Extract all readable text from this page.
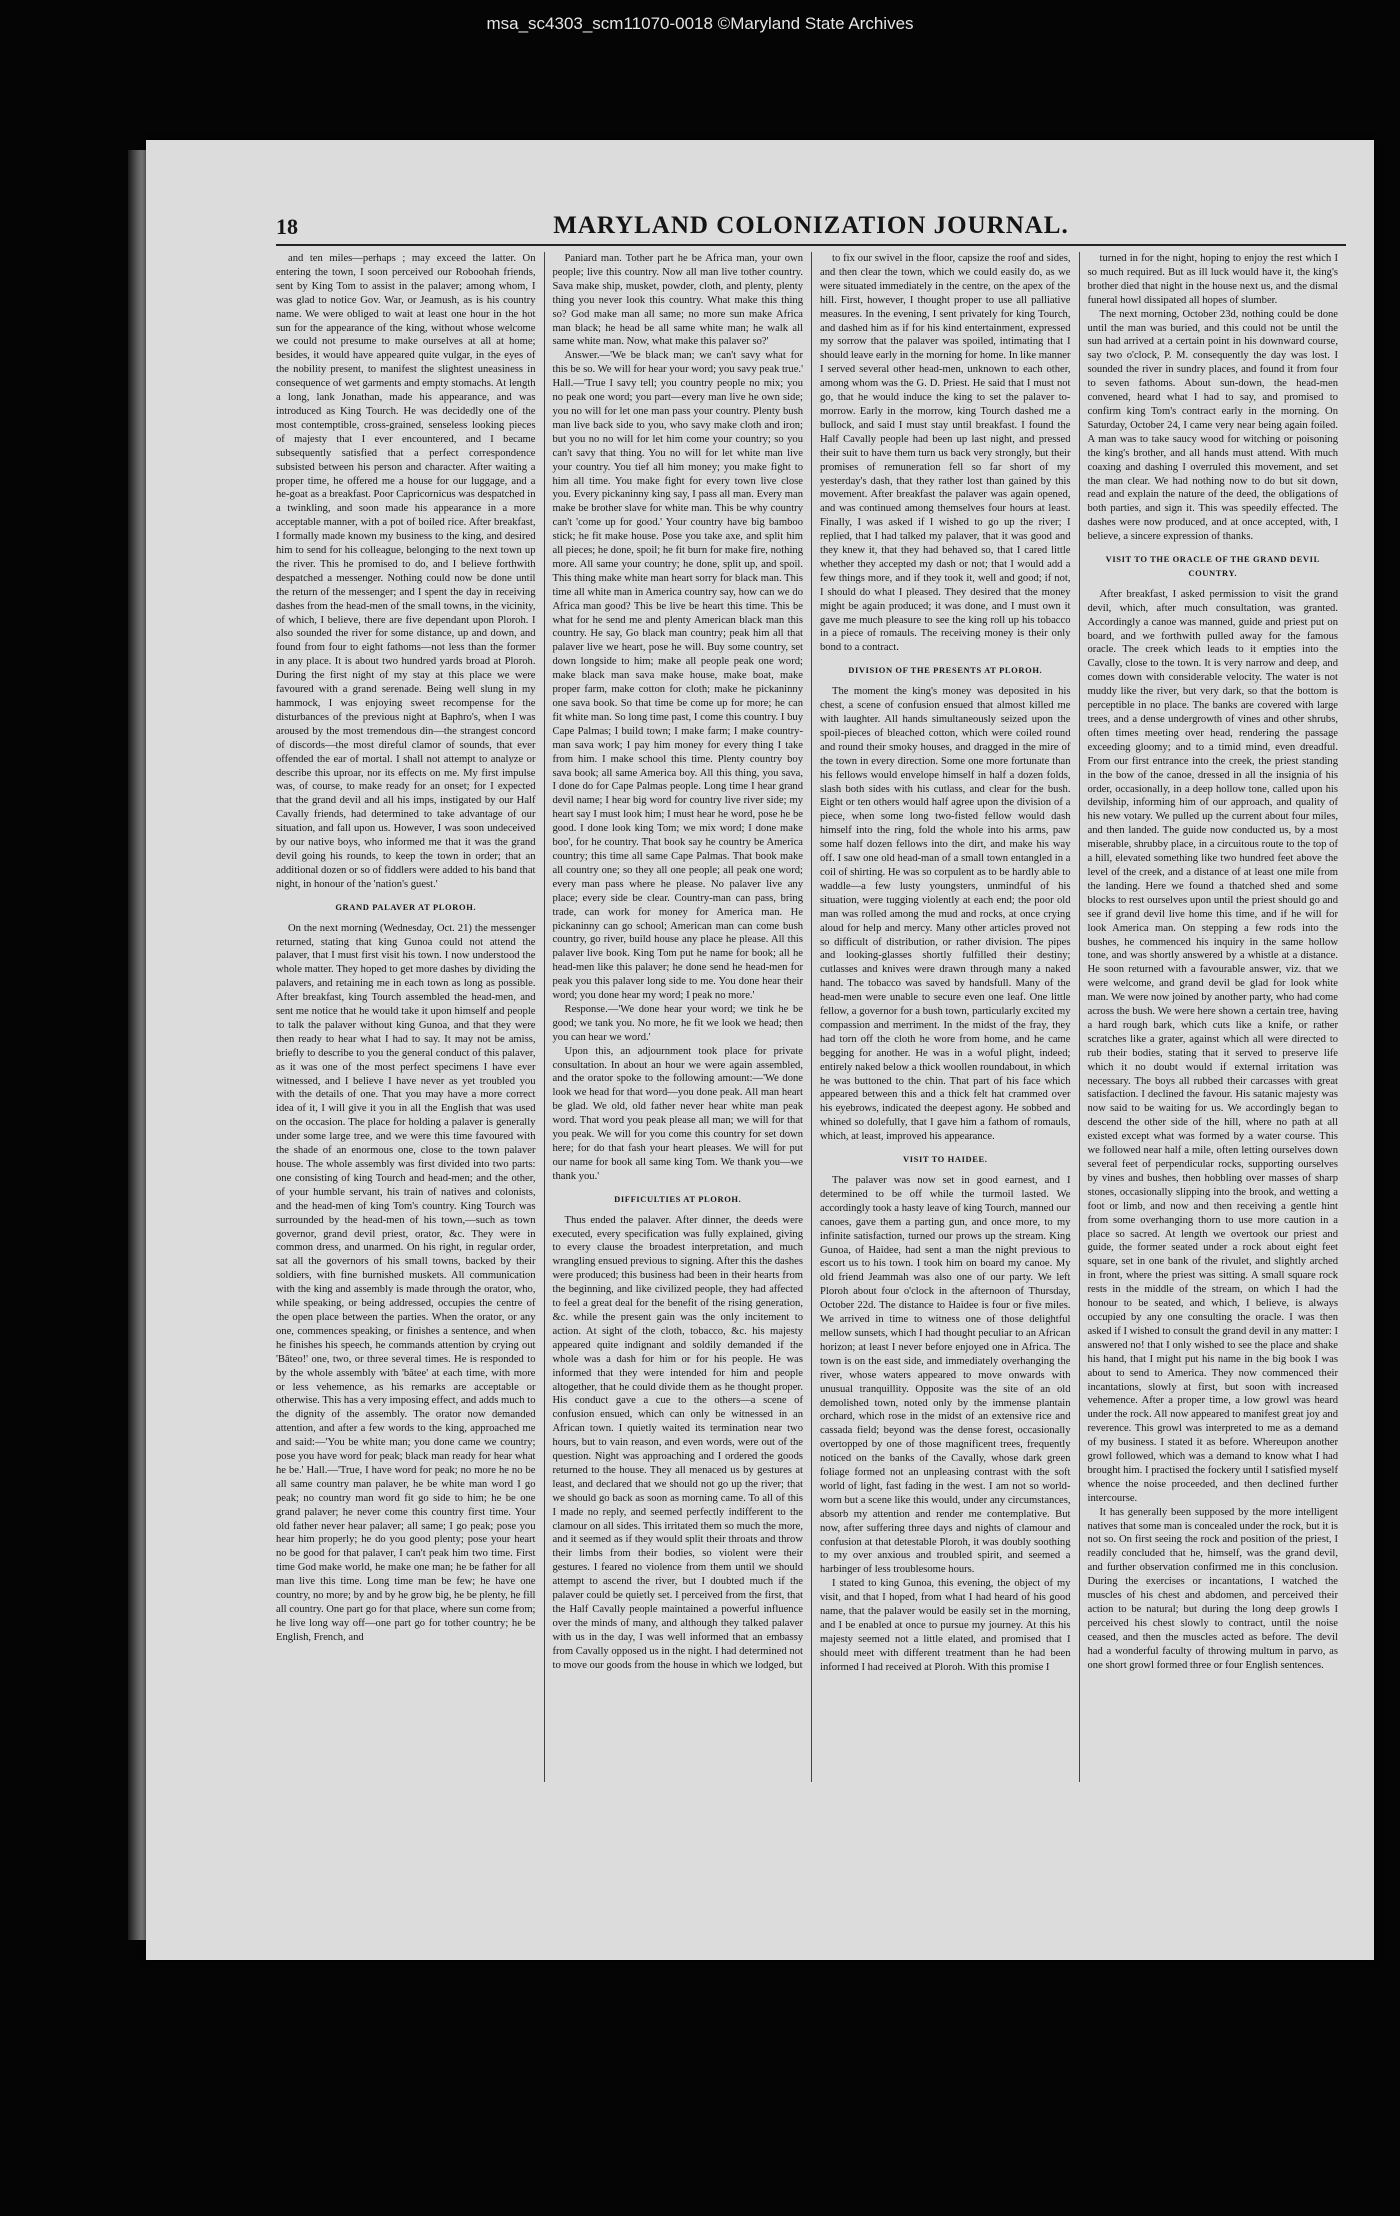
msa_sc4303_scm11070-0018 ©Maryland State Archives
18	MARYLAND COLONIZATION JOURNAL.

and ten miles—perhaps ; may exceed the latter. On entering the town, I soon perceived our Roboohah friends, sent by King Tom to assist in the palaver; among whom, I was glad to notice Gov. War, or Jeamush, as is his country name. We were obliged to wait at least one hour in the hot sun for the appearance of the king, without whose welcome we could not presume to make ourselves at all at home; besides, it would have appeared quite vulgar, in the eyes of the nobility present, to manifest the slightest uneasiness in consequence of wet garments and empty stomachs. At length a long, lank Jonathan, made his appearance, and was introduced as King Tourch. He was decidedly one of the most contemptible, cross-grained, senseless looking pieces of majesty that I ever encountered, and I became subsequently satisfied that a perfect correspondence subsisted between his person and character. After waiting a proper time, he offered me a house for our luggage, and a he-goat as a breakfast. Poor Capricornicus was despatched in a twinkling, and soon made his appearance in a more acceptable manner, with a pot of boiled rice. After breakfast, I formally made known my business to the king, and desired him to send for his colleague, belonging to the next town up the river. This he promised to do, and I believe forthwith despatched a messenger. Nothing could now be done until the return of the messenger; and I spent the day in receiving dashes from the head-men of the small towns, in the vicinity, of which, I believe, there are five dependant upon Ploroh. I also sounded the river for some distance, up and down, and found from four to eight fathoms—not less than the former in any place. It is about two hundred yards broad at Ploroh. During the first night of my stay at this place we were favoured with a grand serenade. Being well slung in my hammock, I was enjoying sweet recompense for the disturbances of the previous night at Baphro's, when I was aroused by the most tremendous din—the strangest concord of discords—the most direful clamor of sounds, that ever offended the ear of mortal. I shall not attempt to analyze or describe this uproar, nor its effects on me. My first impulse was, of course, to make ready for an onset; for I expected that the grand devil and all his imps, instigated by our Half Cavally friends, had determined to take advantage of our situation, and fall upon us. However, I was soon undeceived by our native boys, who informed me that it was the grand devil going his rounds, to keep the town in order; that an additional dozen or so of fiddlers were added to his band that night, in honour of the 'nation's guest.'

GRAND PALAVER AT PLOROH.

On the next morning (Wednesday, Oct. 21) the messenger returned, stating that king Gunoa could not attend the palaver, that I must first visit his town. I now understood the whole matter. They hoped to get more dashes by dividing the palavers, and retaining me in each town as long as possible. After breakfast, king Tourch assembled the head-men, and sent me notice that he would take it upon himself and people to talk the palaver without king Gunoa, and that they were then ready to hear what I had to say. It may not be amiss, briefly to describe to you the general conduct of this palaver, as it was one of the most perfect specimens I have ever witnessed, and I believe I have never as yet troubled you with the details of one. That you may have a more correct idea of it, I will give it you in all the English that was used on the occasion. The place for holding a palaver is generally under some large tree, and we were this time favoured with the shade of an enormous one, close to the town palaver house. The whole assembly was first divided into two parts: one consisting of king Tourch and head-men; and the other, of your humble servant, his train of natives and colonists, and the head-men of king Tom's country. King Tourch was surrounded by the head-men of his town,—such as town governor, grand devil priest, orator, &c. They were in common dress, and unarmed. On his right, in regular order, sat all the governors of his small towns, backed by their soldiers, with fine burnished muskets. All communication with the king and assembly is made through the orator, who, while speaking, or being addressed, occupies the centre of the open place between the parties. When the orator, or any one, commences speaking, or finishes a sentence, and when he finishes his speech, he commands attention by crying out 'Bâteo!' one, two, or three several times. He is responded to by the whole assembly with 'bâtee' at each time, with more or less vehemence, as his remarks are acceptable or otherwise. This has a very imposing effect, and adds much to the dignity of the assembly. The orator now demanded attention, and after a few words to the king, approached me and said:—'You be white man; you done came we country; pose you have word for peak; black man ready for hear what he be.' Hall.—'True, I have word for peak; no more he no be all same country man palaver, he be white man word I go peak; no country man word fit go side to him; he be one grand palaver; he never come this country first time. Your old father never hear palaver; all same; I go peak; pose you hear him properly; he do you good plenty; pose your heart no be good for that palaver, I can't peak him two time. First time God make world, he make one man; he be father for all man live this time. Long time man be few; he have one country, no more; by and by he grow big, he be plenty, he fill all country. One part go for that place, where sun come from; he live long way off—one part go for tother country; he be English, French, and

Paniard man. Tother part he be Africa man, your own people; live this country. Now all man live tother country. Sava make ship, musket, powder, cloth, and plenty, plenty thing you never look this country. What make this thing so? God make man all same; no more sun make Africa man black; he head be all same white man; he walk all same white man. Now, what make this palaver so?'

Answer.—'We be black man; we can't savy what for this be so. We will for hear your word; you savy peak true.' Hall.—'True I savy tell; you country people no mix; you no peak one word; you part—every man live he own side; you no will for let one man pass your country. Plenty bush man live back side to you, who savy make cloth and iron; but you no no will for let him come your country; so you can't savy that thing. You no will for let white man live your country. You tief all him money; you make fight to him all time. You make fight for every town live close you. Every pickaninny king say, I pass all man. Every man make be brother slave for white man. This be why country can't 'come up for good.' Your country have big bamboo stick; he fit make house. Pose you take axe, and split him all pieces; he done, spoil; he fit burn for make fire, nothing more. All same your country; he done, split up, and spoil. This thing make white man heart sorry for black man. This time all white man in America country say, how can we do Africa man good? This be live be heart this time. This be what for he send me and plenty American black man this country. He say, Go black man country; peak him all that palaver live we heart, pose he will. Buy some country, set down longside to him; make all people peak one word; make black man sava make house, make boat, make proper farm, make cotton for cloth; make he pickaninny one sava book. So that time be come up for more; he can fit white man. So long time past, I come this country. I buy Cape Palmas; I build town; I make farm; I make country-man sava work; I pay him money for every thing I take from him. I make school this time. Plenty country boy sava book; all same America boy. All this thing, you sava, I done do for Cape Palmas people. Long time I hear grand devil name; I hear big word for country live river side; my heart say I must look him; I must hear he word, pose he be good. I done look king Tom; we mix word; I done make boo', for he country. That book say he country be America country; this time all same Cape Palmas. That book make all country one; so they all one people; all peak one word; every man pass where he please. No palaver live any place; every side be clear. Country-man can pass, bring trade, can work for money for America man. He pickaninny can go school; American man can come bush country, go river, build house any place he please. All this palaver live book. King Tom put he name for book; all he head-men like this palaver; he done send he head-men for peak you this palaver long side to me. You done hear their word; you done hear my word; I peak no more.'

Response.—'We done hear your word; we tink he be good; we tank you. No more, he fit we look we head; then you can hear we word.'

Upon this, an adjournment took place for private consultation. In about an hour we were again assembled, and the orator spoke to the following amount:—'We done look we head for that word—you done peak. All man heart be glad. We old, old father never hear white man peak word. That word you peak please all man; we will for that you peak. We will for you come this country for set down here; for do that fash your heart pleases. We will for put our name for book all same king Tom. We thank you—we thank you.'

DIFFICULTIES AT PLOROH.

Thus ended the palaver. After dinner, the deeds were executed, every specification was fully explained, giving to every clause the broadest interpretation, and much wrangling ensued previous to signing. After this the dashes were produced; this business had been in their hearts from the beginning, and like civilized people, they had affected to feel a great deal for the benefit of the rising generation, &c. while the present gain was the only incitement to action. At sight of the cloth, tobacco, &c. his majesty appeared quite indignant and soldily demanded if the whole was a dash for him or for his people. He was informed that they were intended for him and people altogether, that he could divide them as he thought proper. His conduct gave a cue to the others—a scene of confusion ensued, which can only be witnessed in an African town. I quietly waited its termination near two hours, but to vain reason, and even words, were out of the question. Night was approaching and I ordered the goods returned to the house. They all menaced us by gestures at least, and declared that we should not go up the river; that we should go back as soon as morning came. To all of this I made no reply, and seemed perfectly indifferent to the clamour on all sides. This irritated them so much the more, and it seemed as if they would split their throats and throw their limbs from their bodies, so violent were their gestures. I feared no violence from them until we should attempt to ascend the river, but I doubted much if the palaver could be quietly set. I perceived from the first, that the Half Cavally people maintained a powerful influence over the minds of many, and although they talked palaver with us in the day, I was well informed that an embassy from Cavally opposed us in the night. I had determined not to move our goods from the house in which we lodged, but

to fix our swivel in the floor, capsize the roof and sides, and then clear the town, which we could easily do, as we were situated immediately in the centre, on the apex of the hill. First, however, I thought proper to use all palliative measures. In the evening, I sent privately for king Tourch, and dashed him as if for his kind entertainment, expressed my sorrow that the palaver was spoiled, intimating that I should leave early in the morning for home. In like manner I served several other head-men, unknown to each other, among whom was the G. D. Priest. He said that I must not go, that he would induce the king to set the palaver to-morrow. Early in the morrow, king Tourch dashed me a bullock, and said I must stay until breakfast. I found the Half Cavally people had been up last night, and pressed their suit to have them turn us back very strongly, but their promises of remuneration fell so far short of my yesterday's dash, that they rather lost than gained by this movement. After breakfast the palaver was again opened, and was continued among themselves four hours at least. Finally, I was asked if I wished to go up the river; I replied, that I had talked my palaver, that it was good and they knew it, that they had behaved so, that I cared little whether they accepted my dash or not; that I would add a few things more, and if they took it, well and good; if not, I should do what I pleased. They desired that the money might be again produced; it was done, and I must own it gave me much pleasure to see the king roll up his tobacco in a piece of romauls. The receiving money is their only bond to a contract.

DIVISION OF THE PRESENTS AT PLOROH.

The moment the king's money was deposited in his chest, a scene of confusion ensued that almost killed me with laughter. All hands simultaneously seized upon the spoil-pieces of bleached cotton, which were coiled round and round their smoky houses, and dragged in the mire of the town in every direction. Some one more fortunate than his fellows would envelope himself in half a dozen folds, slash both sides with his cutlass, and clear for the bush. Eight or ten others would half agree upon the division of a piece, when some long two-fisted fellow would dash himself into the ring, fold the whole into his arms, paw some half dozen fellows into the dirt, and make his way off. I saw one old head-man of a small town entangled in a coil of shirting. He was so corpulent as to be hardly able to waddle—a few lusty youngsters, unmindful of his situation, were tugging violently at each end; the poor old man was rolled among the mud and rocks, at once crying aloud for help and mercy. Many other articles proved not so difficult of distribution, or rather division. The pipes and looking-glasses shortly fulfilled their destiny; cutlasses and knives were drawn through many a naked hand. The tobacco was saved by handsfull. Many of the head-men were unable to secure even one leaf. One little fellow, a governor for a bush town, particularly excited my compassion and merriment. In the midst of the fray, they had torn off the cloth he wore from home, and he came begging for another. He was in a woful plight, indeed; entirely naked below a thick woollen roundabout, in which he was buttoned to the chin. That part of his face which appeared between this and a thick felt hat crammed over his eyebrows, indicated the deepest agony. He sobbed and whined so dolefully, that I gave him a fathom of romauls, which, at least, improved his appearance.

VISIT TO HAIDEE.

The palaver was now set in good earnest, and I determined to be off while the turmoil lasted. We accordingly took a hasty leave of king Tourch, manned our canoes, gave them a parting gun, and once more, to my infinite satisfaction, turned our prows up the stream. King Gunoa, of Haidee, had sent a man the night previous to escort us to his town. I took him on board my canoe. My old friend Jeammah was also one of our party. We left Ploroh about four o'clock in the afternoon of Thursday, October 22d. The distance to Haidee is four or five miles. We arrived in time to witness one of those delightful mellow sunsets, which I had thought peculiar to an African horizon; at least I never before enjoyed one in Africa. The town is on the east side, and immediately overhanging the river, whose waters appeared to move onwards with unusual tranquillity. Opposite was the site of an old demolished town, noted only by the immense plantain orchard, which rose in the midst of an extensive rice and cassada field; beyond was the dense forest, occasionally overtopped by one of those magnificent trees, frequently noticed on the banks of the Cavally, whose dark green foliage formed not an unpleasing contrast with the soft world of light, fast fading in the west. I am not so world-worn but a scene like this would, under any circumstances, absorb my attention and render me contemplative. But now, after suffering three days and nights of clamour and confusion at that detestable Ploroh, it was doubly soothing to my over anxious and troubled spirit, and seemed a harbinger of less troublesome hours.

I stated to king Gunoa, this evening, the object of my visit, and that I hoped, from what I had heard of his good name, that the palaver would be easily set in the morning, and I be enabled at once to pursue my journey. At this his majesty seemed not a little elated, and promised that I should meet with different treatment than he had been informed I had received at Ploroh. With this promise I

turned in for the night, hoping to enjoy the rest which I so much required. But as ill luck would have it, the king's brother died that night in the house next us, and the dismal funeral howl dissipated all hopes of slumber.

The next morning, October 23d, nothing could be done until the man was buried, and this could not be until the sun had arrived at a certain point in his downward course, say two o'clock, P. M. consequently the day was lost. I sounded the river in sundry places, and found it from four to seven fathoms. About sun-down, the head-men convened, heard what I had to say, and promised to confirm king Tom's contract early in the morning. On Saturday, October 24, I came very near being again foiled. A man was to take saucy wood for witching or poisoning the king's brother, and all hands must attend. With much coaxing and dashing I overruled this movement, and set the man clear. We had nothing now to do but sit down, read and explain the nature of the deed, the obligations of both parties, and sign it. This was speedily effected. The dashes were now produced, and at once accepted, with, I believe, a sincere expression of thanks.

VISIT TO THE ORACLE OF THE GRAND DEVIL COUNTRY.

After breakfast, I asked permission to visit the grand devil, which, after much consultation, was granted. Accordingly a canoe was manned, guide and priest put on board, and we forthwith pulled away for the famous oracle. The creek which leads to it empties into the Cavally, close to the town. It is very narrow and deep, and comes down with considerable velocity. The water is not muddy like the river, but very dark, so that the bottom is perceptible in no place. The banks are covered with large trees, and a dense undergrowth of vines and other shrubs, often times meeting over head, rendering the passage exceeding gloomy; and to a timid mind, even dreadful. From our first entrance into the creek, the priest standing in the bow of the canoe, dressed in all the insignia of his order, occasionally, in a deep hollow tone, called upon his devilship, informing him of our approach, and quality of his new votary. We pulled up the current about four miles, and then landed. The guide now conducted us, by a most miserable, shrubby place, in a circuitous route to the top of a hill, elevated something like two hundred feet above the level of the creek, and a distance of at least one mile from the landing. Here we found a thatched shed and some blocks to rest ourselves upon until the priest should go and see if grand devil live home this time, and if he will for look America man. On stepping a few rods into the bushes, he commenced his inquiry in the same hollow tone, and was shortly answered by a whistle at a distance. He soon returned with a favourable answer, viz. that we were welcome, and grand devil be glad for look white man. We were now joined by another party, who had come across the bush. We were here shown a certain tree, having a hard rough bark, which cuts like a knife, or rather scratches like a grater, against which all were directed to rub their bodies, stating that it served to preserve life which it no doubt would if external irritation was necessary. The boys all rubbed their carcasses with great satisfaction. I declined the favour. His satanic majesty was now said to be waiting for us. We accordingly began to descend the other side of the hill, where no path at all existed except what was formed by a water course. This we followed near half a mile, often letting ourselves down several feet of perpendicular rocks, supporting ourselves by vines and bushes, then hobbling over masses of sharp stones, occasionally slipping into the brook, and wetting a foot or limb, and now and then receiving a gentle hint from some overhanging thorn to use more caution in a place so sacred. At length we overtook our priest and guide, the former seated under a rock about eight feet square, set in one bank of the rivulet, and slightly arched in front, where the priest was sitting. A small square rock rests in the middle of the stream, on which I had the honour to be seated, and which, I believe, is always occupied by any one consulting the oracle. I was then asked if I wished to consult the grand devil in any matter: I answered no! that I only wished to see the place and shake his hand, that I might put his name in the big book I was about to send to America. They now commenced their incantations, slowly at first, but soon with increased vehemence. After a proper time, a low growl was heard under the rock. All now appeared to manifest great joy and reverence. This growl was interpreted to me as a demand of my business. I stated it as before. Whereupon another growl followed, which was a demand to know what I had brought him. I practised the fockery until I satisfied myself whence the noise proceeded, and then declined further intercourse.

It has generally been supposed by the more intelligent natives that some man is concealed under the rock, but it is not so. On first seeing the rock and position of the priest, I readily concluded that he, himself, was the grand devil, and further observation confirmed me in this conclusion. During the exercises or incantations, I watched the muscles of his chest and abdomen, and perceived their action to be natural; but during the long deep growls I perceived his chest slowly to contract, until the noise ceased, and then the muscles acted as before. The devil had a wonderful faculty of throwing multum in parvo, as one short growl formed three or four English sentences.
